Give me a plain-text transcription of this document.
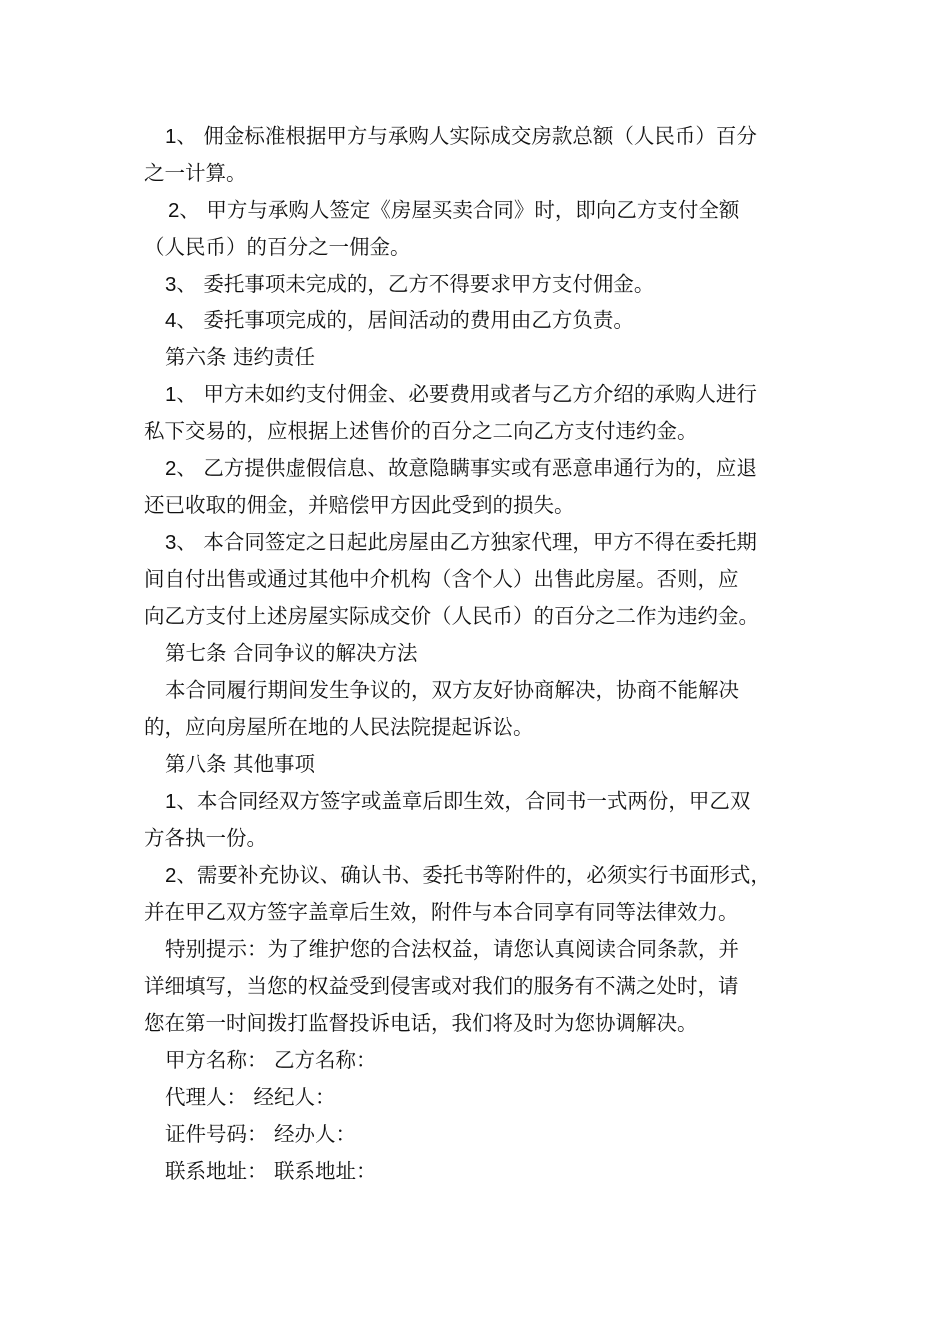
1、 佣金标准根据甲方与承购人实际成交房款总额（人民币）百分
之一计算。
2、 甲方与承购人签定《房屋买卖合同》时，即向乙方支付全额
（人民币）的百分之一佣金。
3、 委托事项未完成的，乙方不得要求甲方支付佣金。
4、 委托事项完成的，居间活动的费用由乙方负责。
第六条 违约责任
1、 甲方未如约支付佣金、必要费用或者与乙方介绍的承购人进行
私下交易的，应根据上述售价的百分之二向乙方支付违约金。
2、 乙方提供虚假信息、故意隐瞒事实或有恶意串通行为的，应退
还已收取的佣金，并赔偿甲方因此受到的损失。
3、 本合同签定之日起此房屋由乙方独家代理，甲方不得在委托期
间自付出售或通过其他中介机构（含个人）出售此房屋。否则，应
向乙方支付上述房屋实际成交价（人民币）的百分之二作为违约金。
第七条 合同争议的解决方法
本合同履行期间发生争议的，双方友好协商解决，协商不能解决
的，应向房屋所在地的人民法院提起诉讼。
第八条 其他事项
1、本合同经双方签字或盖章后即生效，合同书一式两份，甲乙双
方各执一份。
2、需要补充协议、确认书、委托书等附件的，必须实行书面形式，
并在甲乙双方签字盖章后生效，附件与本合同享有同等法律效力。
特别提示：为了维护您的合法权益，请您认真阅读合同条款，并
详细填写，当您的权益受到侵害或对我们的服务有不满之处时，请
您在第一时间拨打监督投诉电话，我们将及时为您协调解决。
甲方名称： 乙方名称：
代理人： 经纪人：
证件号码： 经办人：
联系地址： 联系地址：
